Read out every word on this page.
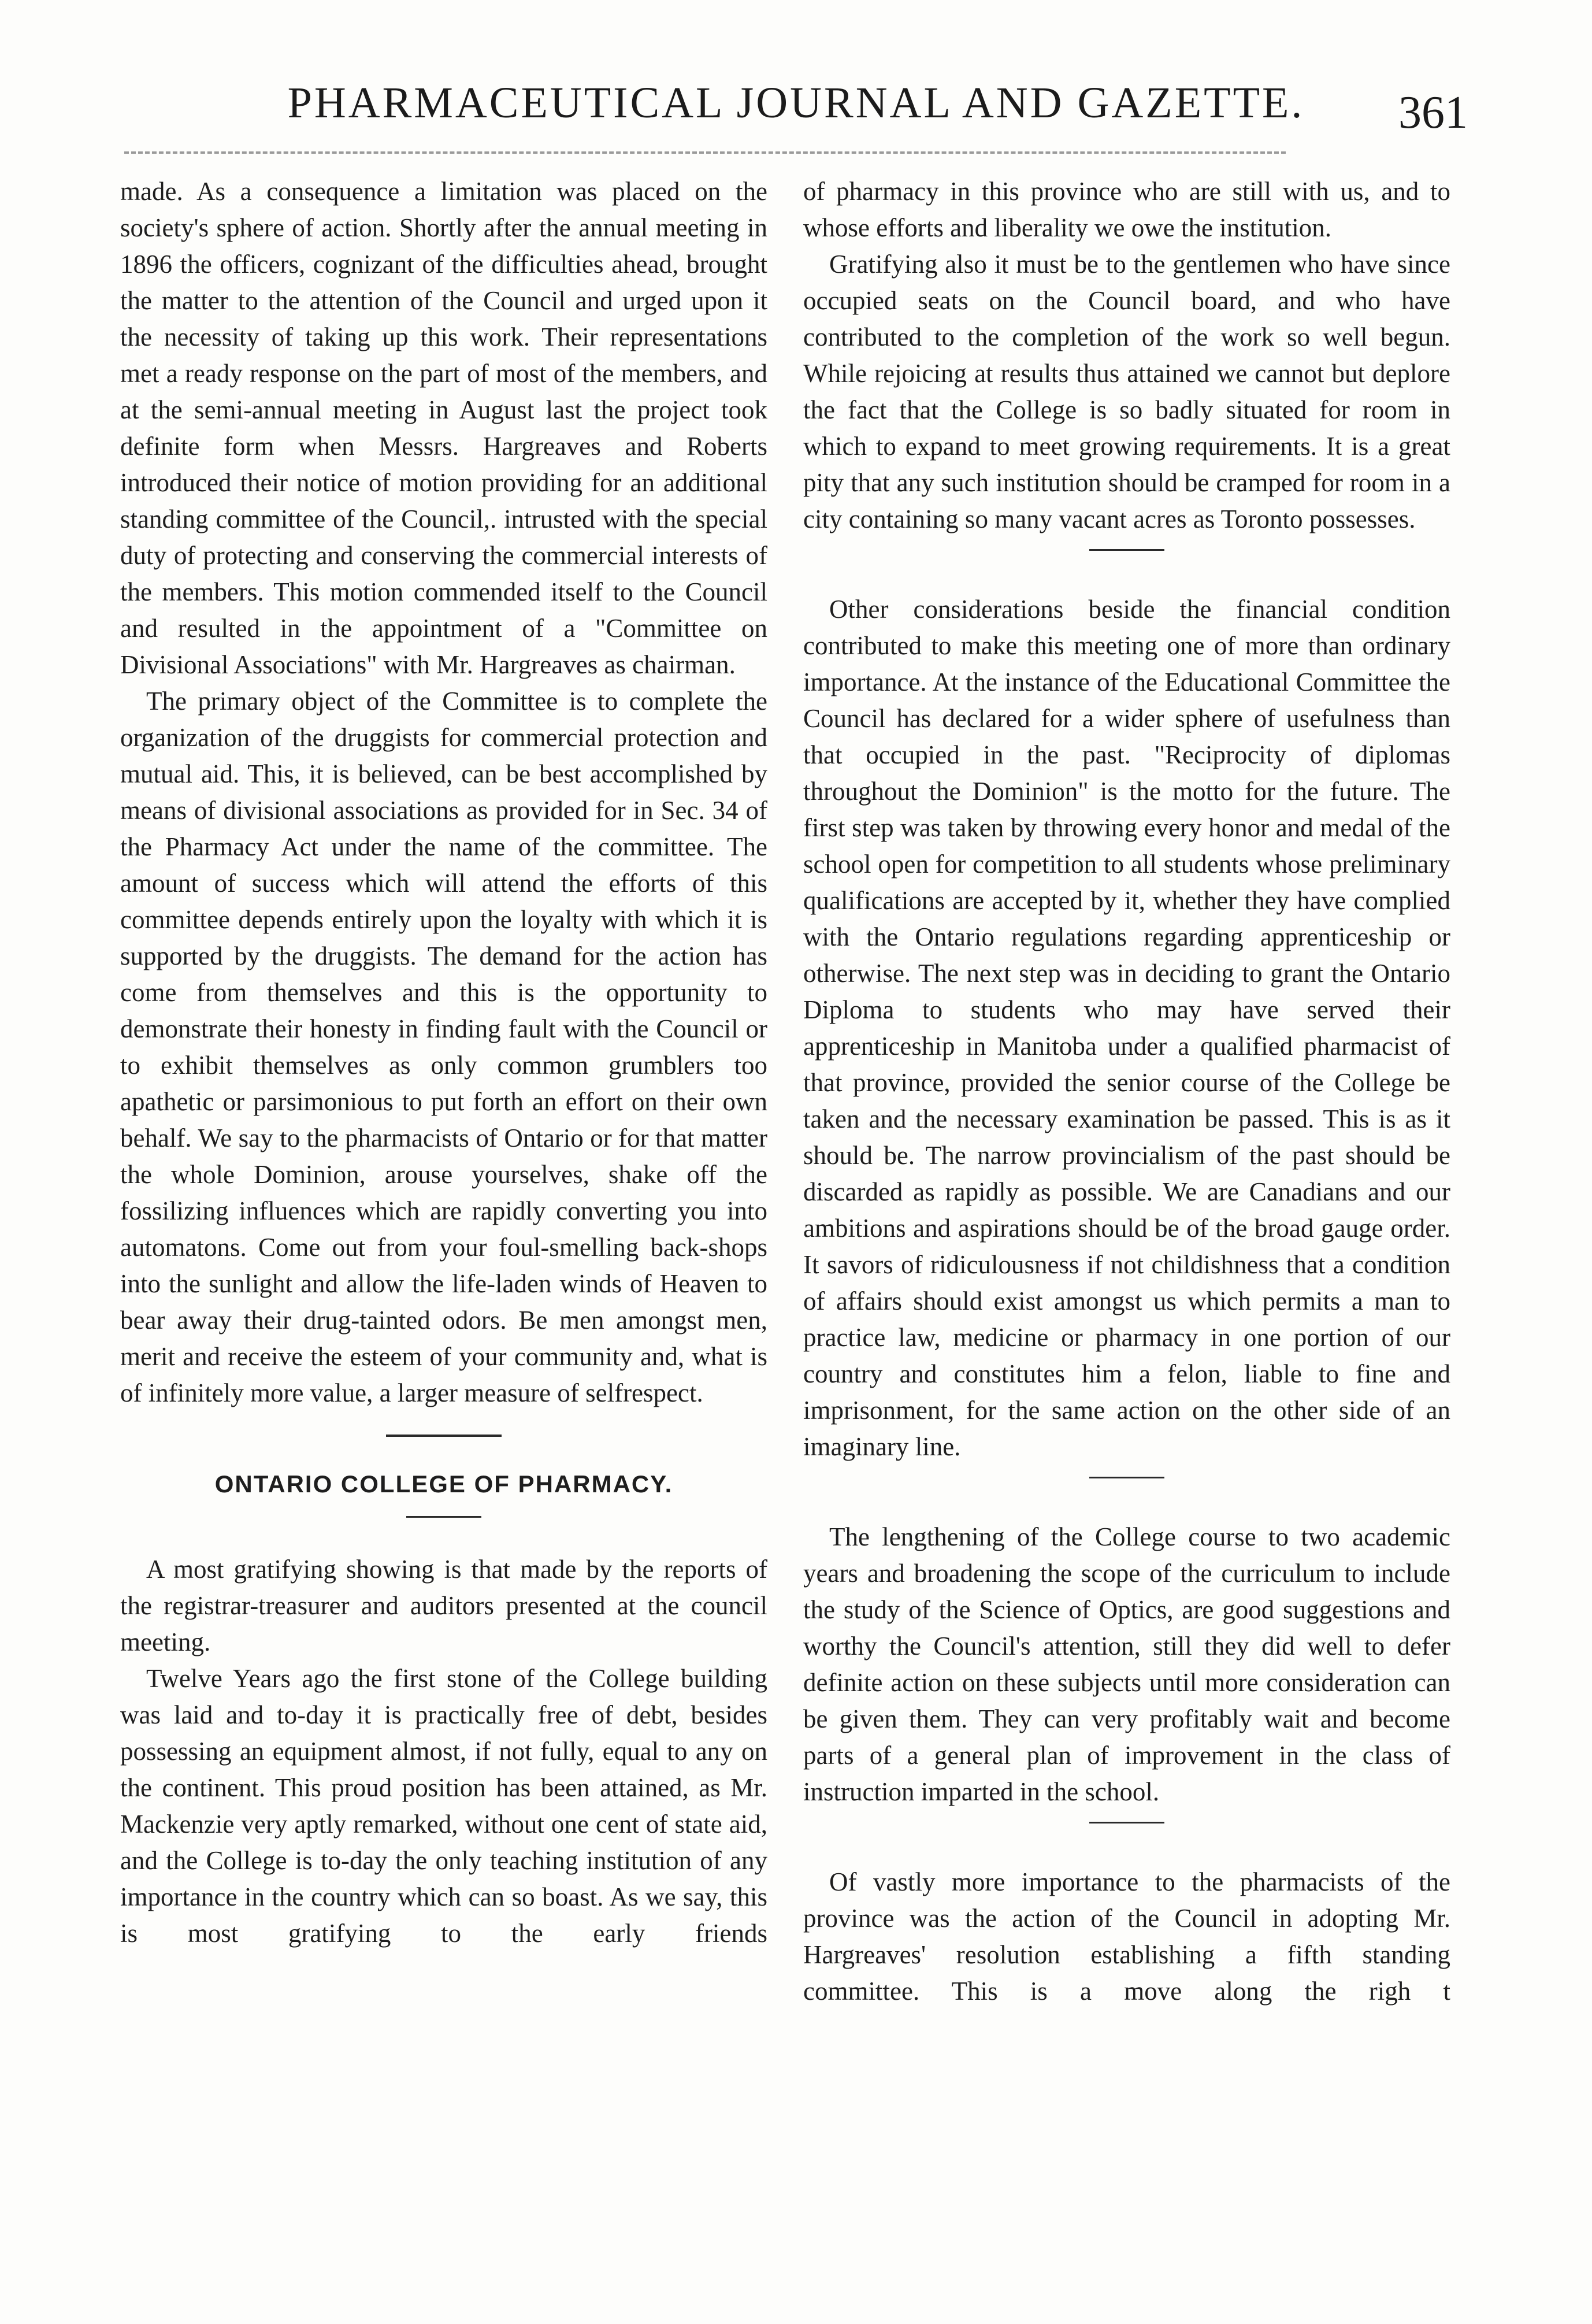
PHARMACEUTICAL JOURNAL AND GAZETTE.	361

made. As a consequence a limitation was placed on the society's sphere of action. Shortly after the annual meeting in 1896 the officers, cognizant of the difficulties ahead, brought the matter to the attention of the Council and urged upon it the necessity of taking up this work. Their representations met a ready response on the part of most of the members, and at the semi-annual meeting in August last the project took definite form when Messrs. Hargreaves and Roberts introduced their notice of motion providing for an additional standing committee of the Council,. intrusted with the special duty of protecting and conserving the commercial interests of the members. This motion commended itself to the Council and resulted in the appointment of a "Committee on Divisional Associations" with Mr. Hargreaves as chairman.

The primary object of the Committee is to complete the organization of the druggists for commercial protection and mutual aid. This, it is believed, can be best accomplished by means of divisional associations as provided for in Sec. 34 of the Pharmacy Act under the name of the committee. The amount of success which will attend the efforts of this committee depends entirely upon the loyalty with which it is supported by the druggists. The demand for the action has come from themselves and this is the opportunity to demonstrate their honesty in finding fault with the Council or to exhibit themselves as only common grumblers too apathetic or parsimonious to put forth an effort on their own behalf. We say to the pharmacists of Ontario or for that matter the whole Dominion, arouse yourselves, shake off the fossilizing influences which are rapidly converting you into automatons. Come out from your foul-smelling back-shops into the sunlight and allow the life-laden winds of Heaven to bear away their drug-tainted odors. Be men amongst men, merit and receive the esteem of your community and, what is of infinitely more value, a larger measure of selfrespect.

ONTARIO COLLEGE OF PHARMACY.

A most gratifying showing is that made by the reports of the registrar-treasurer and auditors presented at the council meeting.

Twelve Years ago the first stone of the College building was laid and to-day it is practically free of debt, besides possessing an equipment almost, if not fully, equal to any on the continent. This proud position has been attained, as Mr. Mackenzie very aptly remarked, without one cent of state aid, and the College is to-day the only teaching institution of any importance in the country which can so boast. As we say, this is most gratifying to the early friends

of pharmacy in this province who are still with us, and to whose efforts and liberality we owe the institution.

Gratifying also it must be to the gentlemen who have since occupied seats on the Council board, and who have contributed to the completion of the work so well begun. While rejoicing at results thus attained we cannot but deplore the fact that the College is so badly situated for room in which to expand to meet growing requirements. It is a great pity that any such institution should be cramped for room in a city containing so many vacant acres as Toronto possesses.

Other considerations beside the financial condition contributed to make this meeting one of more than ordinary importance. At the instance of the Educational Committee the Council has declared for a wider sphere of usefulness than that occupied in the past. "Reciprocity of diplomas throughout the Dominion" is the motto for the future. The first step was taken by throwing every honor and medal of the school open for competition to all students whose preliminary qualifications are accepted by it, whether they have complied with the Ontario regulations regarding apprenticeship or otherwise. The next step was in deciding to grant the Ontario Diploma to students who may have served their apprenticeship in Manitoba under a qualified pharmacist of that province, provided the senior course of the College be taken and the necessary examination be passed. This is as it should be. The narrow provincialism of the past should be discarded as rapidly as possible. We are Canadians and our ambitions and aspirations should be of the broad gauge order. It savors of ridiculousness if not childishness that a condition of affairs should exist amongst us which permits a man to practice law, medicine or pharmacy in one portion of our country and constitutes him a felon, liable to fine and imprisonment, for the same action on the other side of an imaginary line.

The lengthening of the College course to two academic years and broadening the scope of the curriculum to include the study of the Science of Optics, are good suggestions and worthy the Council's attention, still they did well to defer definite action on these subjects until more consideration can be given them. They can very profitably wait and become parts of a general plan of improvement in the class of instruction imparted in the school.

Of vastly more importance to the pharmacists of the province was the action of the Council in adopting Mr. Hargreaves' resolution establishing a fifth standing committee. This is a move along the righ t
